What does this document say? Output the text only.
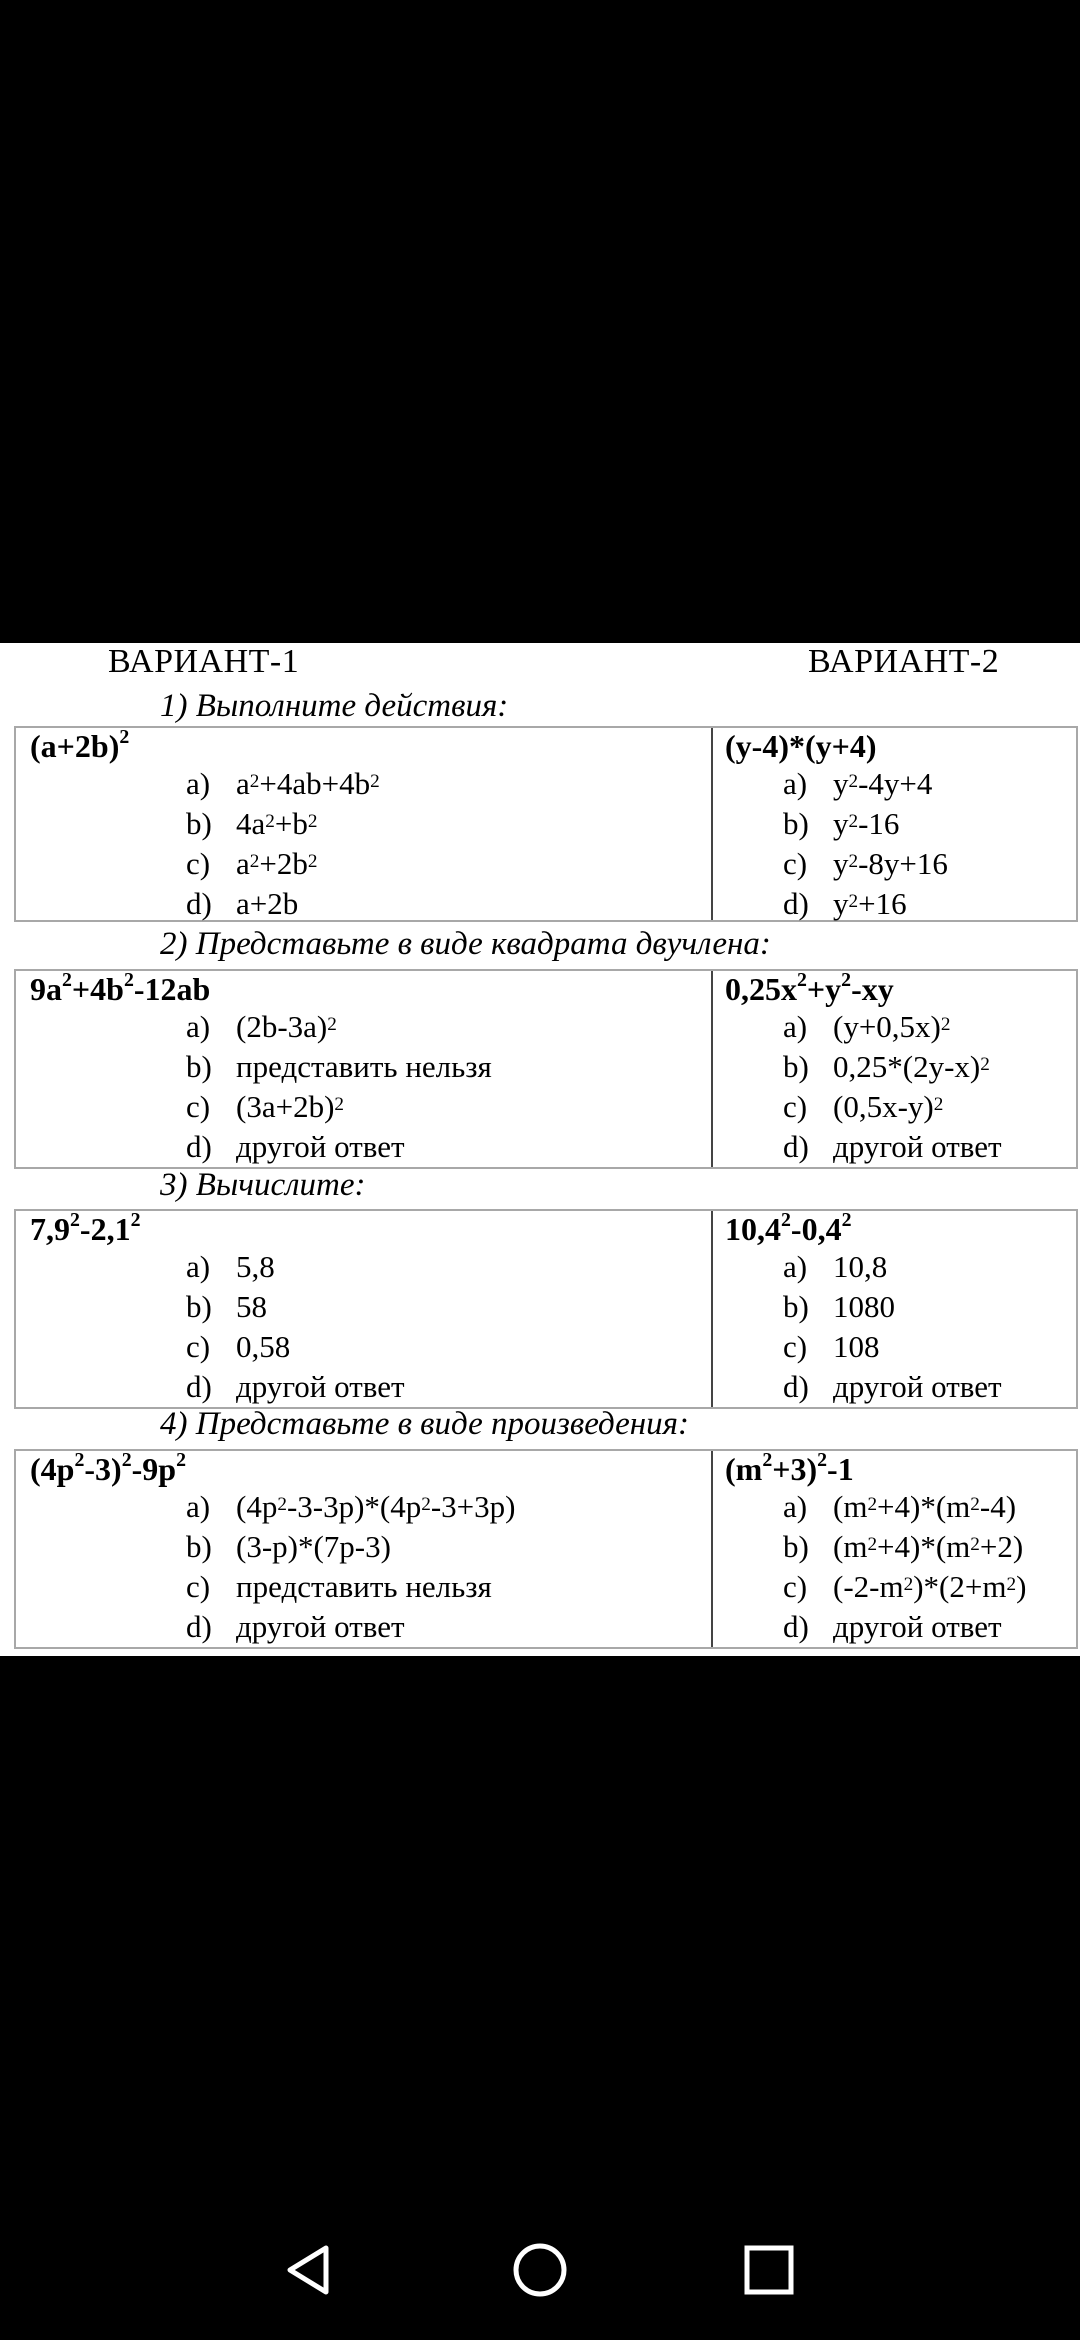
ВАРИАНТ-1	ВАРИАНТ-2
1) Выполните действия:
$(a+2b)^2$
a) $a^2+4ab+4b^2$
b) $4a^2+b^2$
c) $a^2+2b^2$
d) a+2b
(y-4)*(y+4)
a) $y^2-4y+4$
b) $y^2-16$
c) $y^2-8y+16$
d) $y^2+16$
2) Представьте в виде квадрата двучлена:
$9a^2+4b^2-12ab$
a) $(2b-3a)^2$
b) представить нельзя
c) $(3a+2b)^2$
d) другой ответ
$0,25x^2+y^2-xy$
a) $(y+0,5x)^2$
b) $0,25*(2y-x)^2$
c) $(0,5x-y)^2$
d) другой ответ
3) Вычислите:
$7,9^2-2,1^2$
a) 5,8
b) 58
c) 0,58
d) другой ответ
$10,4^2-0,4^2$
a) 10,8
b) 1080
c) 108
d) другой ответ
4) Представьте в виде произведения:
$(4p^2-3)^2-9p^2$
a) $(4p^2-3-3p)*(4p^2-3+3p)$
b) (3-p)*(7p-3)
c) представить нельзя
d) другой ответ
$(m^2+3)^2-1$
a) $(m^2+4)*(m^2-4)$
b) $(m^2+4)*(m^2+2)$
c) $(-2-m^2)*(2+m^2)$
d) другой ответ
